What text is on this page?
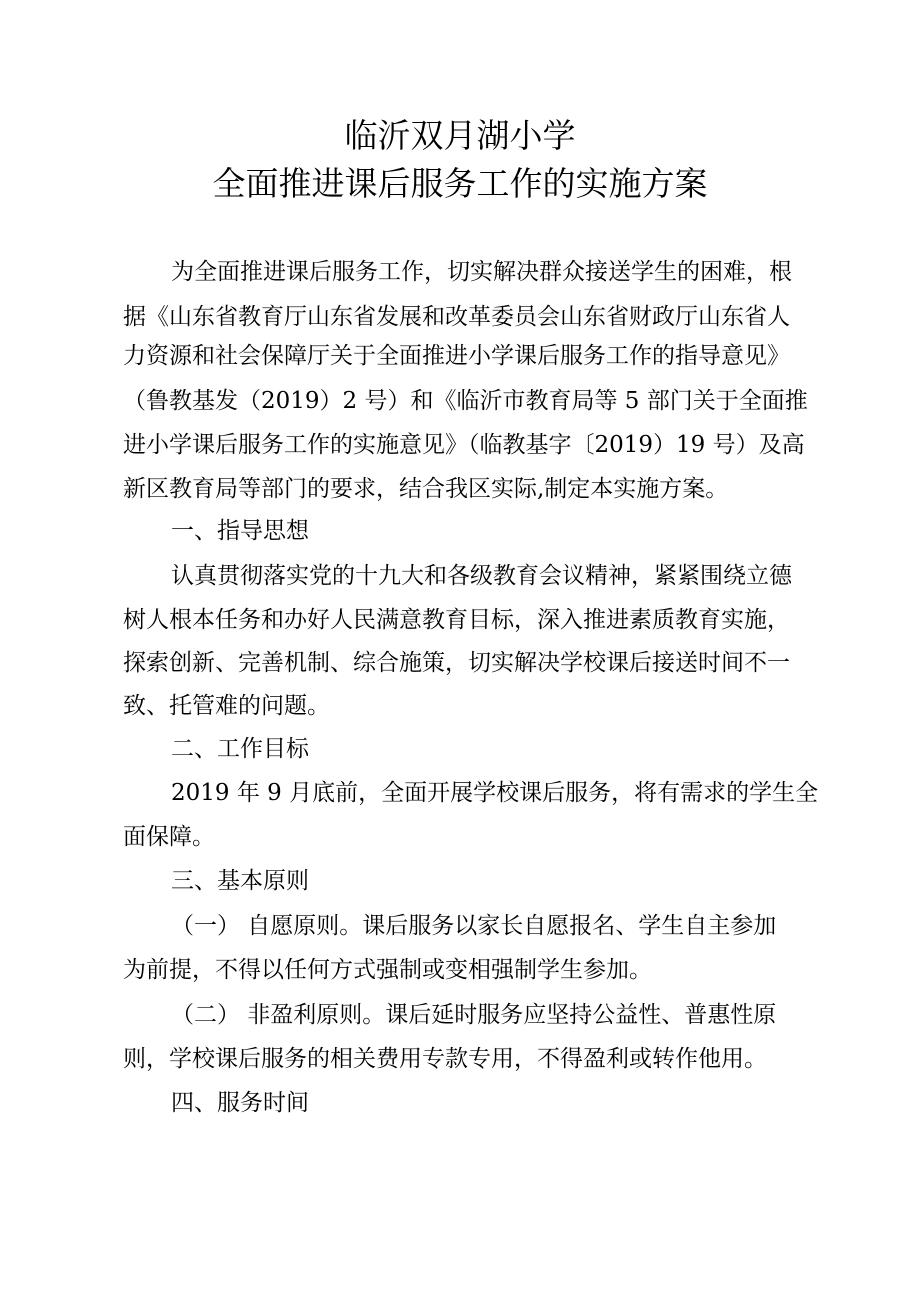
临沂双月湖小学
全面推进课后服务工作的实施方案
为全面推进课后服务工作，切实解决群众接送学生的困难，根
据《山东省教育厅山东省发展和改革委员会山东省财政厅山东省人
力资源和社会保障厅关于全面推进小学课后服务工作的指导意见》
（鲁教基发（2019）2 号）和《临沂市教育局等 5 部门关于全面推
进小学课后服务工作的实施意见》（临教基字〔2019）19 号）及高
新区教育局等部门的要求，结合我区实际,制定本实施方案。
一、指导思想
认真贯彻落实党的十九大和各级教育会议精神，紧紧围绕立德
树人根本任务和办好人民满意教育目标，深入推进素质教育实施，
探索创新、完善机制、综合施策，切实解决学校课后接送时间不一
致、托管难的问题。
二、工作目标
2019 年 9 月底前，全面开展学校课后服务，将有需求的学生全
面保障。
三、基本原则
（一） 自愿原则。课后服务以家长自愿报名、学生自主参加
为前提，不得以任何方式强制或变相强制学生参加。
（二） 非盈利原则。课后延时服务应坚持公益性、普惠性原
则，学校课后服务的相关费用专款专用，不得盈利或转作他用。
四、服务时间
